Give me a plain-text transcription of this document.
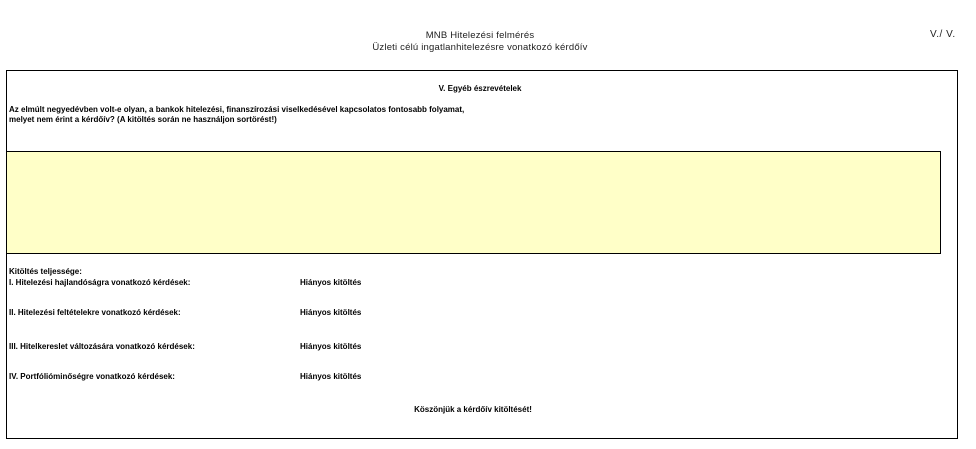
MNB Hitelezési felmérés
Üzleti célú ingatlanhitelezésre vonatkozó kérdőív
V./ V.
V. Egyéb észrevételek
Az elmúlt negyedévben volt-e olyan, a bankok hitelezési, finanszírozási viselkedésével kapcsolatos fontosabb folyamat,
melyet nem érint a kérdőív? (A kitöltés során ne használjon sortörést!)
Kitöltés teljessége:
I. Hitelezési hajlandóságra vonatkozó kérdések:	Hiányos kitöltés
II. Hitelezési feltételekre vonatkozó kérdések:	Hiányos kitöltés
III. Hitelkereslet változására vonatkozó kérdések:	Hiányos kitöltés
IV. Portfólióminőségre vonatkozó kérdések:	Hiányos kitöltés
Köszönjük a kérdőív kitöltését!
